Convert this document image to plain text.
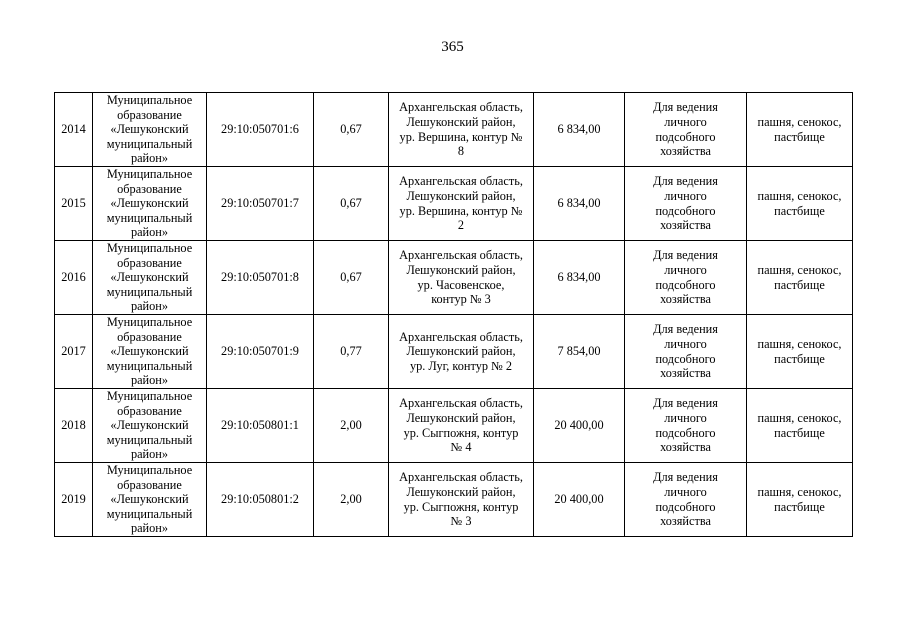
365
2014	Муниципальное
образование
«Лешуконский
муниципальный
район»	29:10:050701:6	0,67	Архангельская область,
Лешуконский район,
ур. Вершина, контур №
8	6 834,00	Для ведения
личного
подсобного
хозяйства	пашня, сенокос,
пастбище
2015	Муниципальное
образование
«Лешуконский
муниципальный
район»	29:10:050701:7	0,67	Архангельская область,
Лешуконский район,
ур. Вершина, контур №
2	6 834,00	Для ведения
личного
подсобного
хозяйства	пашня, сенокос,
пастбище
2016	Муниципальное
образование
«Лешуконский
муниципальный
район»	29:10:050701:8	0,67	Архангельская область,
Лешуконский район,
ур. Часовенское,
контур № 3	6 834,00	Для ведения
личного
подсобного
хозяйства	пашня, сенокос,
пастбище
2017	Муниципальное
образование
«Лешуконский
муниципальный
район»	29:10:050701:9	0,77	Архангельская область,
Лешуконский район,
ур. Луг, контур № 2	7 854,00	Для ведения
личного
подсобного
хозяйства	пашня, сенокос,
пастбище
2018	Муниципальное
образование
«Лешуконский
муниципальный
район»	29:10:050801:1	2,00	Архангельская область,
Лешуконский район,
ур. Сыгпожня, контур
№ 4	20 400,00	Для ведения
личного
подсобного
хозяйства	пашня, сенокос,
пастбище
2019	Муниципальное
образование
«Лешуконский
муниципальный
район»	29:10:050801:2	2,00	Архангельская область,
Лешуконский район,
ур. Сыгпожня, контур
№ 3	20 400,00	Для ведения
личного
подсобного
хозяйства	пашня, сенокос,
пастбище
